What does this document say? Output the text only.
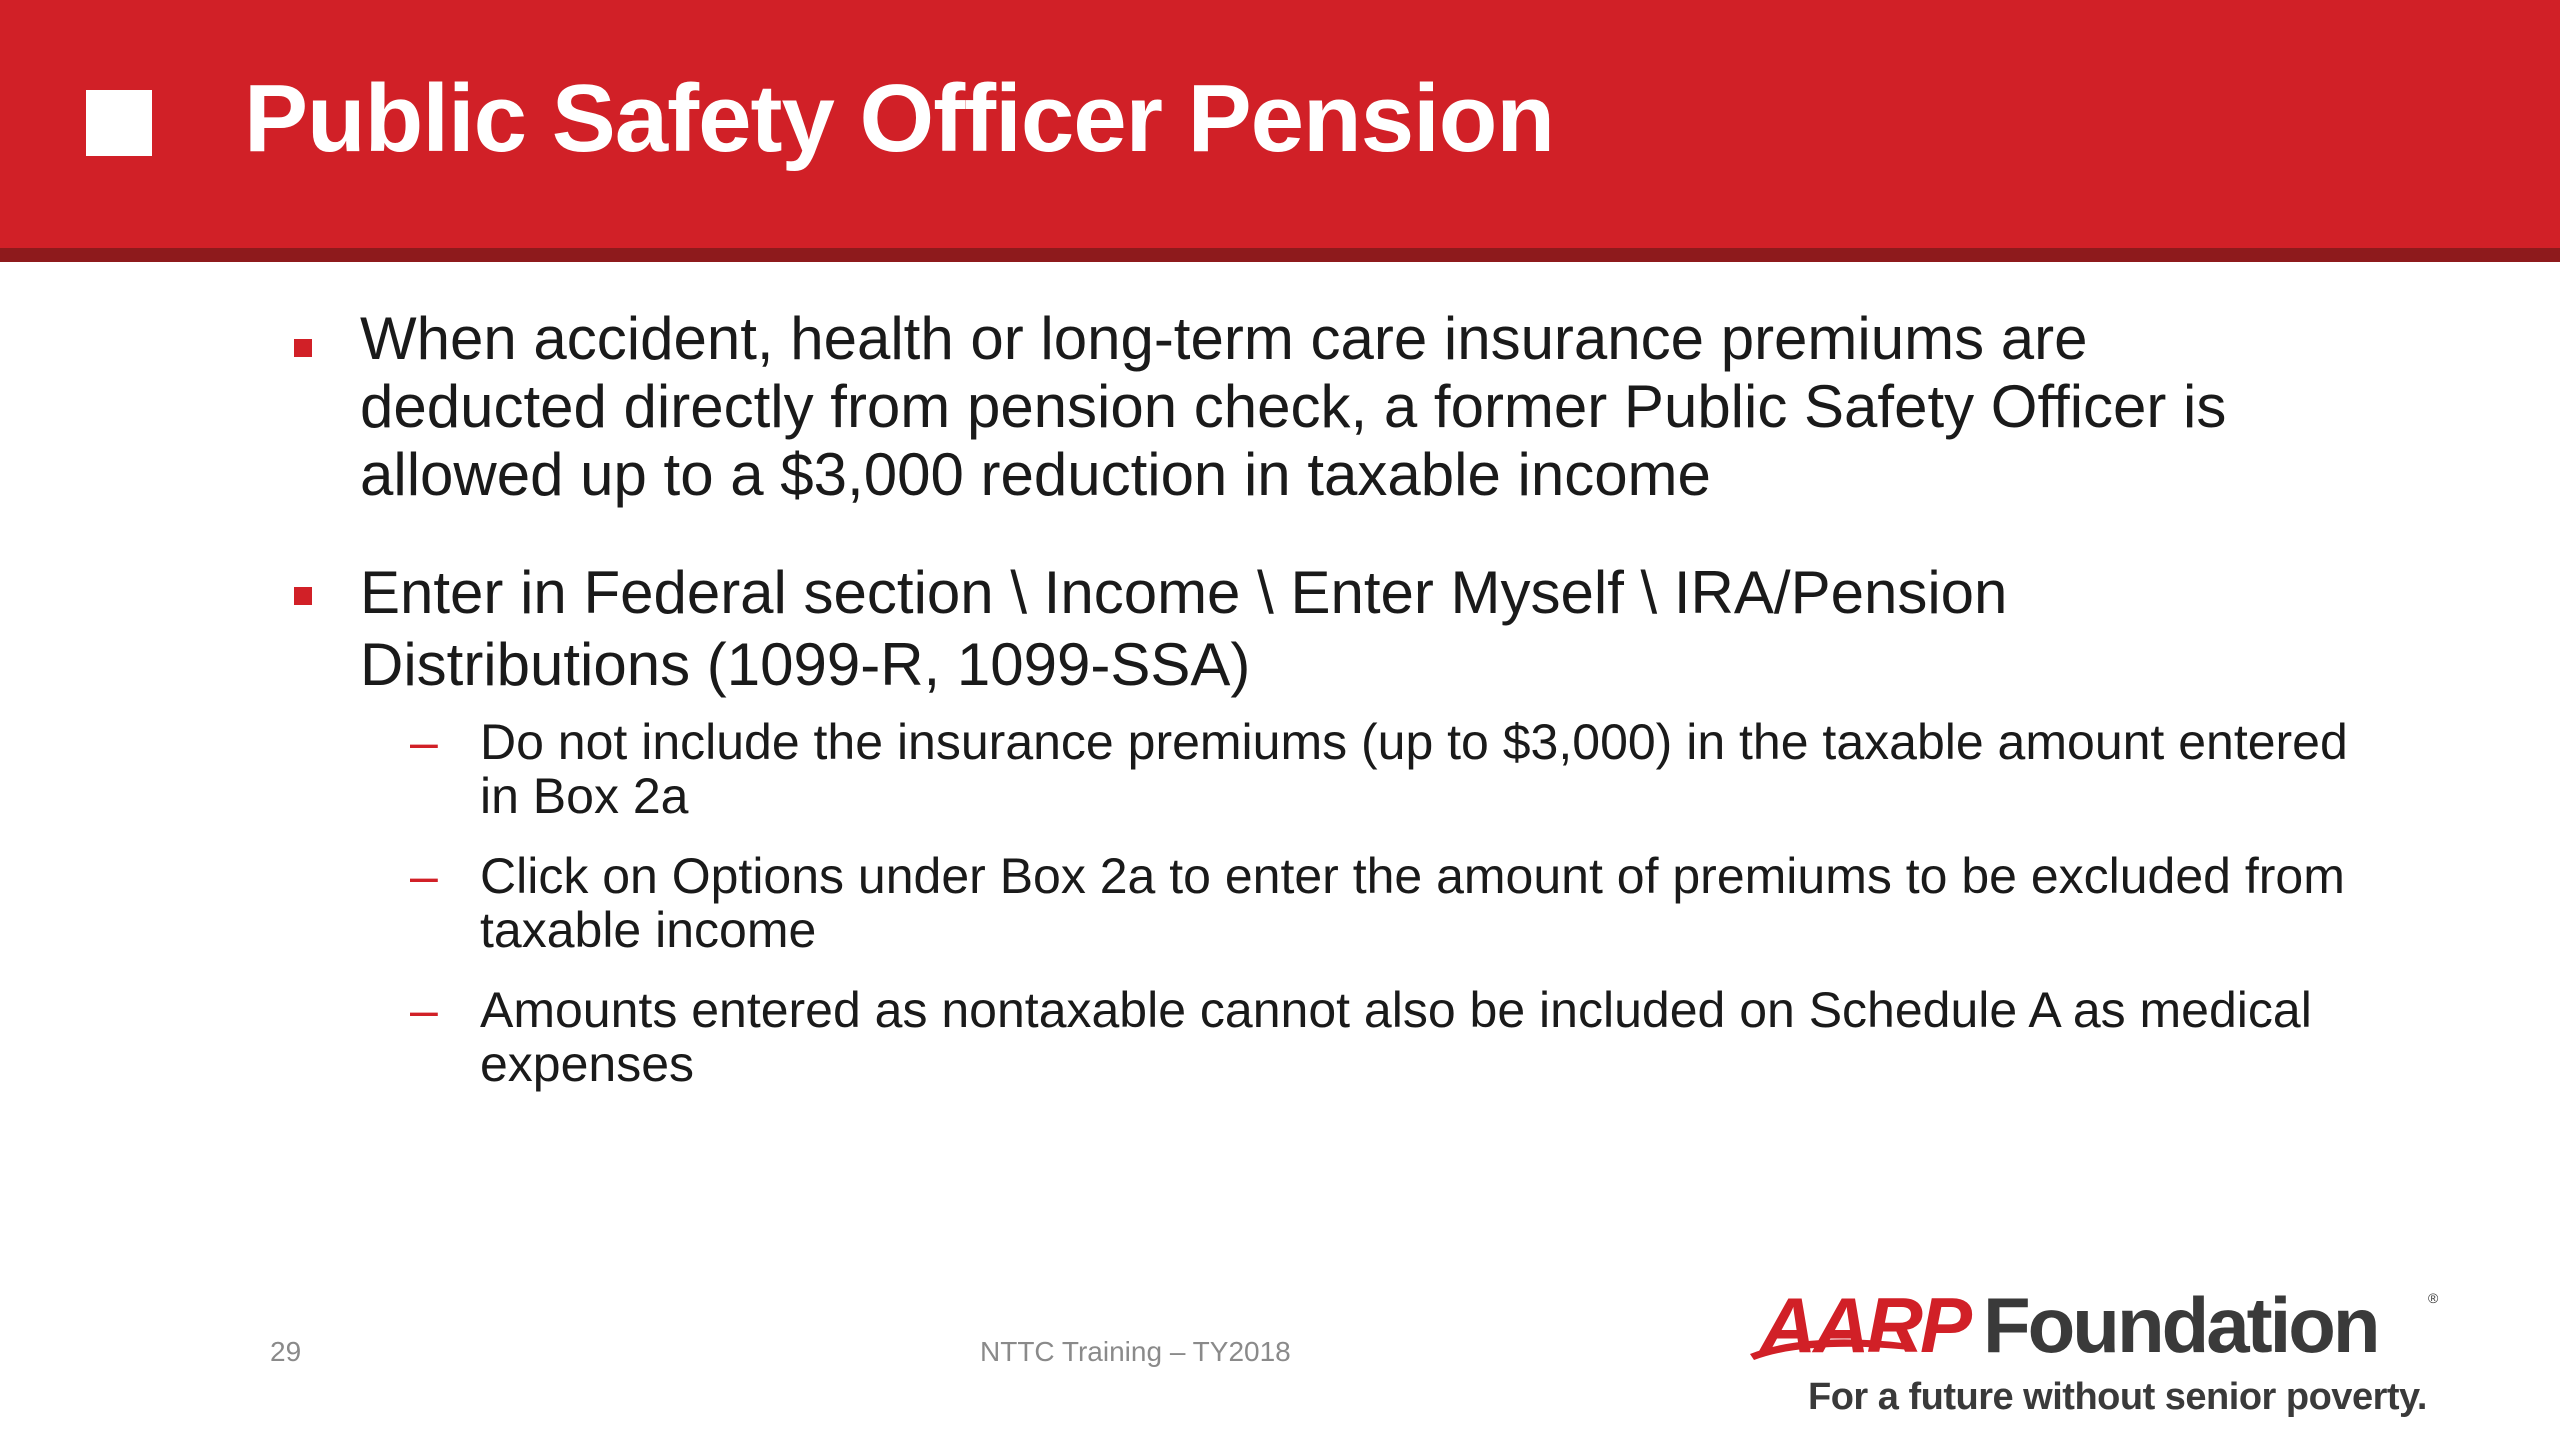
Public Safety Officer Pension
When accident, health or long-term care insurance premiums are deducted directly from pension check, a former Public Safety Officer is allowed up to a $3,000 reduction in taxable income
Enter in Federal section \ Income \ Enter Myself \ IRA/Pension Distributions (1099-R, 1099-SSA)
– Do not include the insurance premiums (up to $3,000) in the taxable amount entered in Box 2a
– Click on Options under Box 2a to enter the amount of premiums to be excluded from taxable income
– Amounts entered as nontaxable cannot also be included on Schedule A as medical expenses
29	NTTC Training – TY2018	AARP Foundation	®
For a future without senior poverty.
